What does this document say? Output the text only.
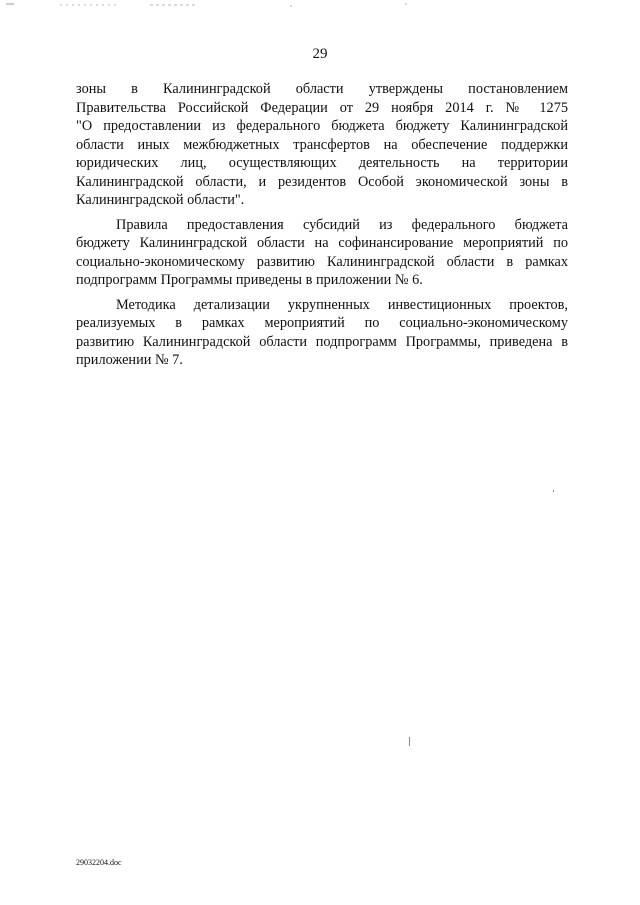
29

зоны в Калининградской области утверждены постановлением
Правительства Российской Федерации от 29 ноября 2014 г. № 1275
"О предоставлении из федерального бюджета бюджету Калининградской
области иных межбюджетных трансфертов на обеспечение поддержки
юридических лиц, осуществляющих деятельность на территории
Калининградской области, и резидентов Особой экономической зоны в
Калининградской области".

Правила предоставления субсидий из федерального бюджета
бюджету Калининградской области на софинансирование мероприятий по
социально-экономическому развитию Калининградской области в рамках
подпрограмм Программы приведены в приложении № 6.

Методика детализации укрупненных инвестиционных проектов,
реализуемых в рамках мероприятий по социально-экономическому
развитию Калининградской области подпрограмм Программы, приведена в
приложении № 7.

29032204.doc
